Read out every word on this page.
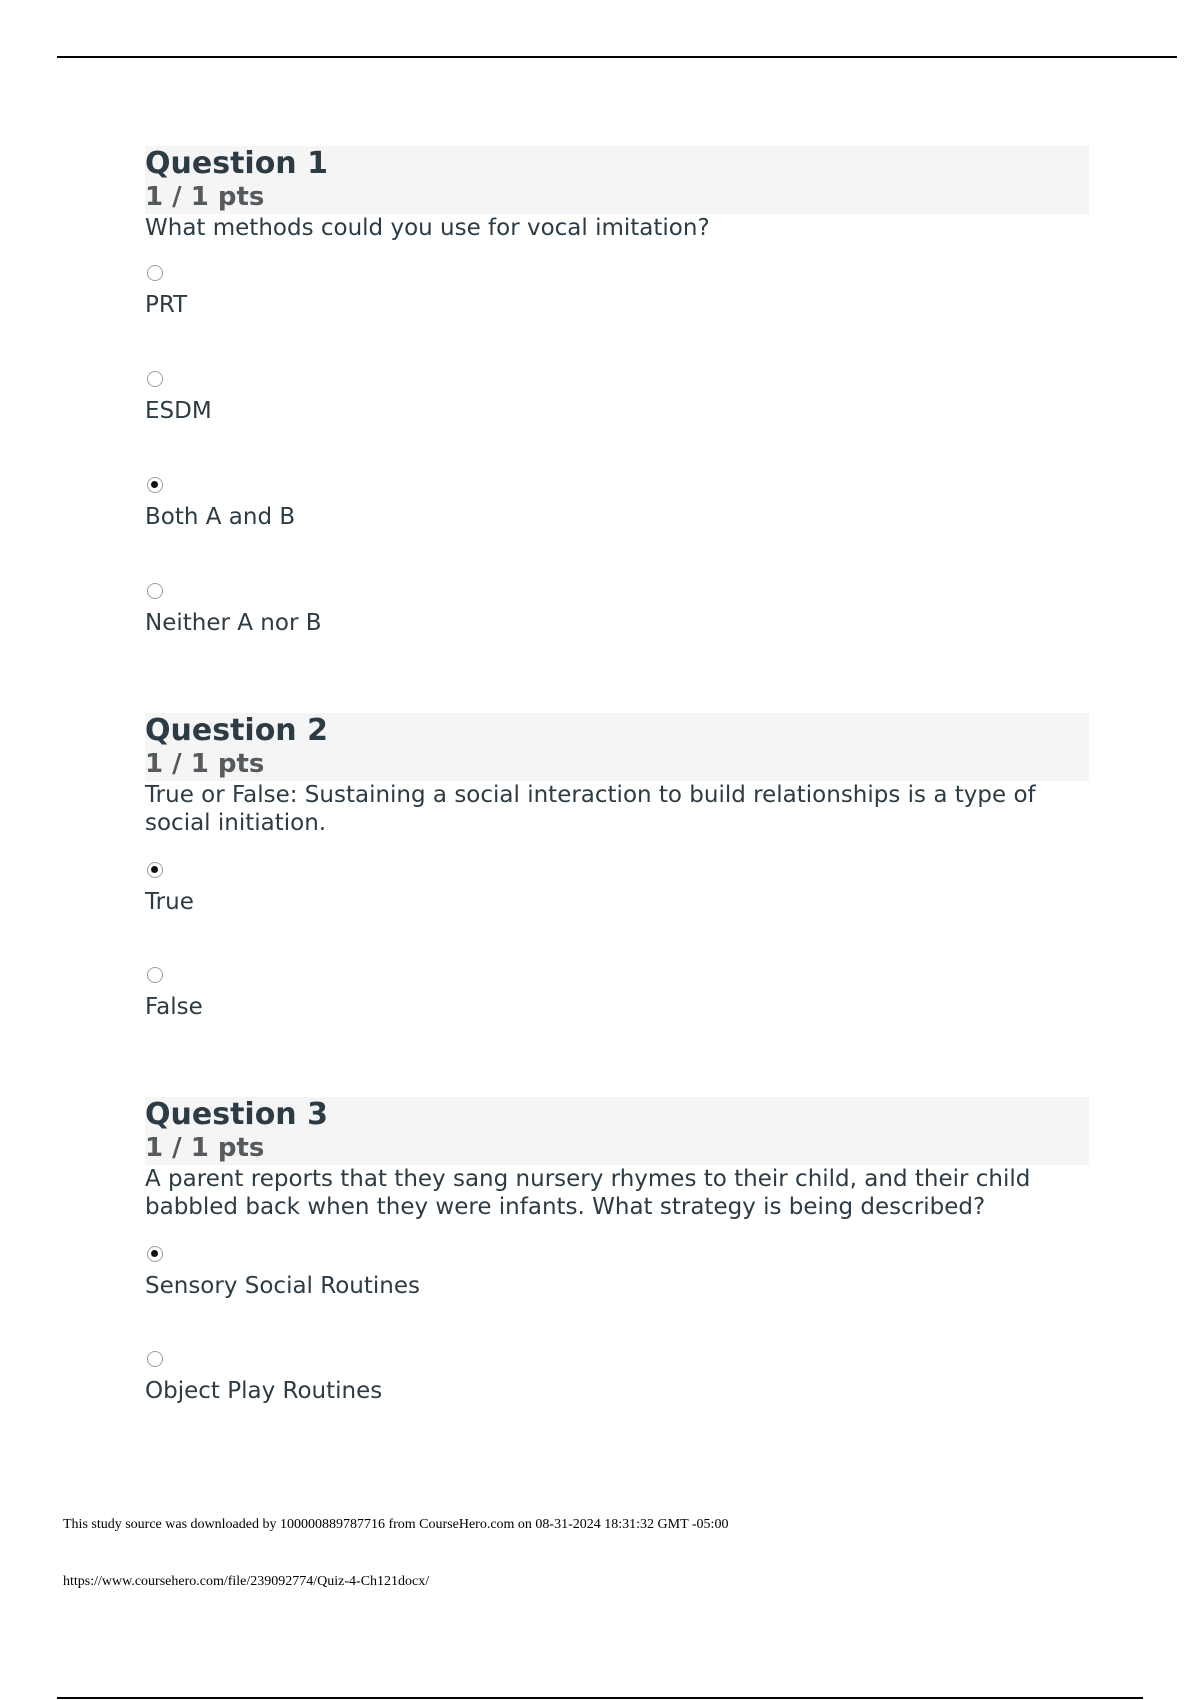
Question 1
1 / 1 pts
What methods could you use for vocal imitation?
PRT
ESDM
Both A and B
Neither A nor B
Question 2
1 / 1 pts
True or False: Sustaining a social interaction to build relationships is a type of social initiation.
True
False
Question 3
1 / 1 pts
A parent reports that they sang nursery rhymes to their child, and their child babbled back when they were infants. What strategy is being described?
Sensory Social Routines
Object Play Routines
This study source was downloaded by 100000889787716 from CourseHero.com on 08-31-2024 18:31:32 GMT -05:00
https://www.coursehero.com/file/239092774/Quiz-4-Ch121docx/
